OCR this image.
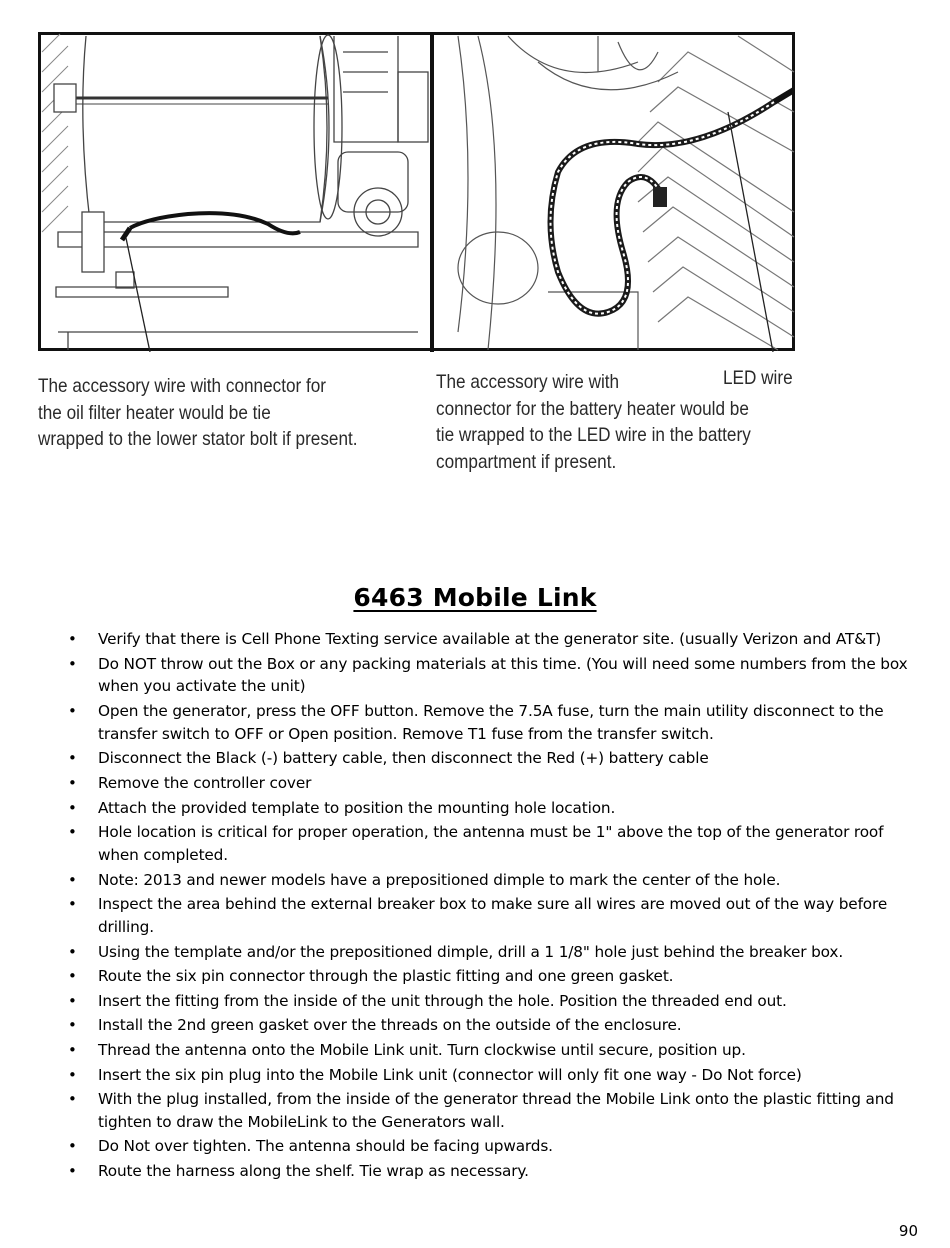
The accessory wire with connector for
the oil filter heater would be tie
wrapped to the lower stator bolt if present.
The accessory wire with
connector for the battery heater would be
tie wrapped to the LED wire in the battery
compartment if present.
LED wire
6463 Mobile Link
• Verify that there is Cell Phone Texting service available at the generator site. (usually Verizon and AT&T)
• Do NOT throw out the Box or any packing materials at this time. (You will need some numbers from the box when you activate the unit)
• Open the generator, press the OFF button. Remove the 7.5A fuse, turn the main utility disconnect to the transfer switch to OFF or Open position. Remove T1 fuse from the transfer switch.
• Disconnect the Black (-) battery cable, then disconnect the Red (+) battery cable
• Remove the controller cover
• Attach the provided template to position the mounting hole location.
• Hole location is critical for proper operation, the antenna must be 1" above the top of the generator roof when completed.
• Note: 2013 and newer models have a prepositioned dimple to mark the center of the hole.
• Inspect the area behind the external breaker box to make sure all wires are moved out of the way before drilling.
• Using the template and/or the prepositioned dimple, drill a 1 1/8" hole just behind the breaker box.
• Route the six pin connector through the plastic fitting and one green gasket.
• Insert the fitting from the inside of the unit through the hole. Position the threaded end out.
• Install the 2nd green gasket over the threads on the outside of the enclosure.
• Thread the antenna onto the Mobile Link unit. Turn clockwise until secure, position up.
• Insert the six pin plug into the Mobile Link unit (connector will only fit one way - Do Not force)
• With the plug installed, from the inside of the generator thread the Mobile Link onto the plastic fitting and tighten to draw the MobileLink to the Generators wall.
• Do Not over tighten. The antenna should be facing upwards.
• Route the harness along the shelf. Tie wrap as necessary.
90
